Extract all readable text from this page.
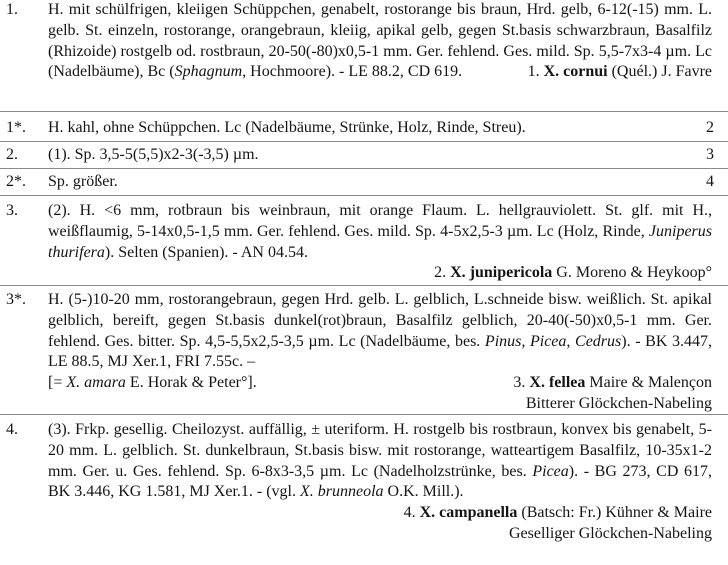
1. H. mit schülfrigen, kleiigen Schüppchen, genabelt, rostorange bis braun, Hrd. gelb, 6-12(-15) mm. L. gelb. St. einzeln, rostorange, orangebraun, kleiig, apikal gelb, gegen St.basis schwarzbraun, Basalfilz (Rhizoide) rostgelb od. rostbraun, 20-50(-80)x0,5-1 mm. Ger. fehlend. Ges. mild. Sp. 5,5-7x3-4 µm. Lc (Nadelbäume), Bc (Sphagnum, Hochmoore). - LE 88.2, CD 619.	1. X. cornui (Quél.) J. Favre
1*. H. kahl, ohne Schüppchen. Lc (Nadelbäume, Strünke, Holz, Rinde, Streu).	2
2. (1). Sp. 3,5-5(5,5)x2-3(-3,5) µm.	3
2*. Sp. größer.	4
3. (2). H. <6 mm, rotbraun bis weinbraun, mit orange Flaum. L. hellgrauviolett. St. glf. mit H., weißflaumig, 5-14x0,5-1,5 mm. Ger. fehlend. Ges. mild. Sp. 4-5x2,5-3 µm. Lc (Holz, Rinde, Juniperus thurifera). Selten (Spanien). - AN 04.54.
2. X. junipericola G. Moreno & Heykoop°
3*. H. (5-)10-20 mm, rostorangebraun, gegen Hrd. gelb. L. gelblich, L.schneide bisw. weißlich. St. apikal gelblich, bereift, gegen St.basis dunkel(rot)braun, Basalfilz gelblich, 20-40(-50)x0,5-1 mm. Ger. fehlend. Ges. bitter. Sp. 4,5-5,5x2,5-3,5 µm. Lc (Nadelbäume, bes. Pinus, Picea, Cedrus). - BK 3.447, LE 88.5, MJ Xer.1, FRI 7.55c. –
[= X. amara E. Horak & Peter°].	3. X. fellea Maire & Malençon
Bitterer Glöckchen-Nabeling
4. (3). Frkp. gesellig. Cheilozyst. auffällig, ± uteriform. H. rostgelb bis rostbraun, konvex bis genabelt, 5-20 mm. L. gelblich. St. dunkelbraun, St.basis bisw. mit rostorange, watteartigem Basalfilz, 10-35x1-2 mm. Ger. u. Ges. fehlend. Sp. 6-8x3-3,5 µm. Lc (Nadelholzstrünke, bes. Picea). - BG 273, CD 617, BK 3.446, KG 1.581, MJ Xer.1. - (vgl. X. brunneola O.K. Mill.).
4. X. campanella (Batsch: Fr.) Kühner & Maire
Geselliger Glöckchen-Nabeling
